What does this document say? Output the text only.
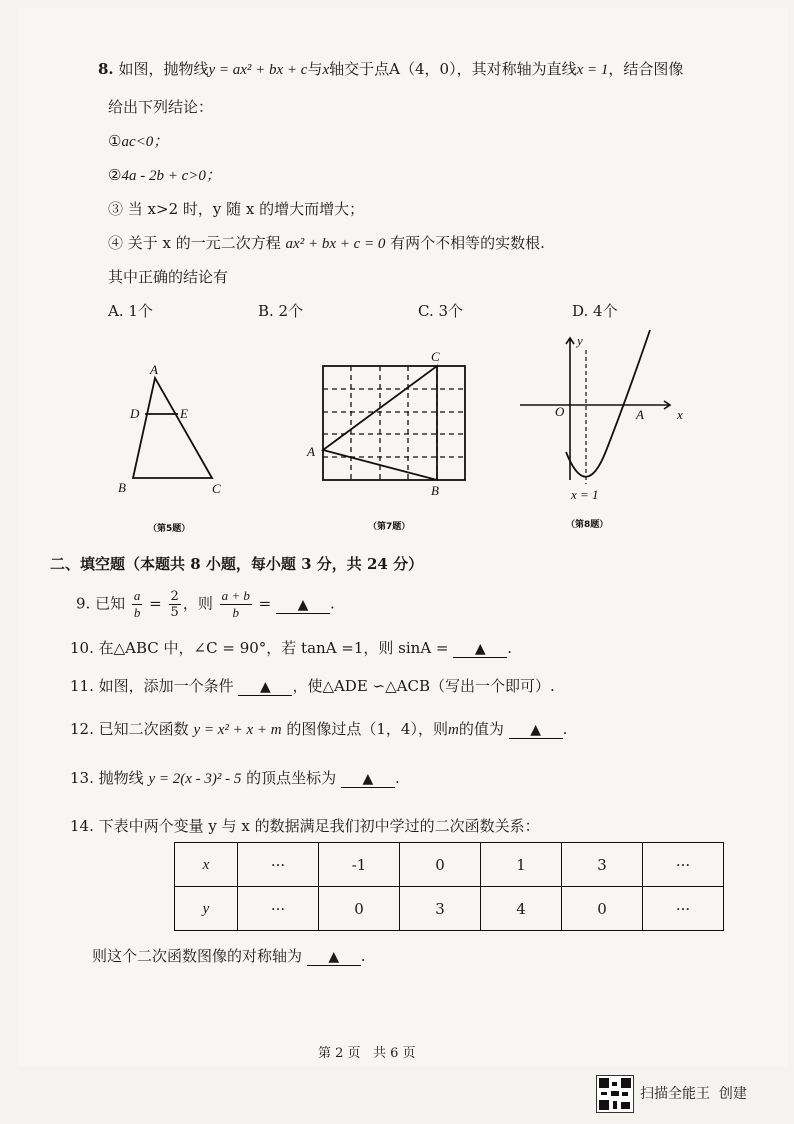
8. 如图，抛物线y = ax² + bx + c与x轴交于点A（4，0），其对称轴为直线x = 1，结合图像
给出下列结论：
①ac<0；
②4a - 2b + c>0；
③ 当 x>2 时，y 随 x 的增大而增大；
④ 关于 x 的一元二次方程 ax² + bx + c = 0 有两个不相等的实数根.
其中正确的结论有
A. 1个	B. 2个	C. 3个	D. 4个
A
D	E
B	C
A
C
B
y
x
O	A
x = 1
（第5题）	（第7题）	（第8题）
二、填空题（本题共 8 小题，每小题 3 分，共 24 分）
9. 已知 $\frac{a}{b} = \frac{2}{5}$ ，则 $\frac{a + b}{b}$ = ▲ .
10. 在△ABC 中，∠C = 90°，若 tanA =1，则 sinA = ▲ .
11. 如图，添加一个条件 ▲ ，使△ADE ∽△ACB（写出一个即可）.
12. 已知二次函数 y = x² + x + m 的图像过点（1，4），则m的值为 ▲ .
13. 抛物线 y = 2(x - 3)² - 5 的顶点坐标为 ▲ .
14. 下表中两个变量 y 与 x 的数据满足我们初中学过的二次函数关系：
x	···	-1	0	1	3	···
y	···	0	3	4	0	···
则这个二次函数图像的对称轴为 ▲ .
第 2 页 共 6 页
扫描全能王 创建
